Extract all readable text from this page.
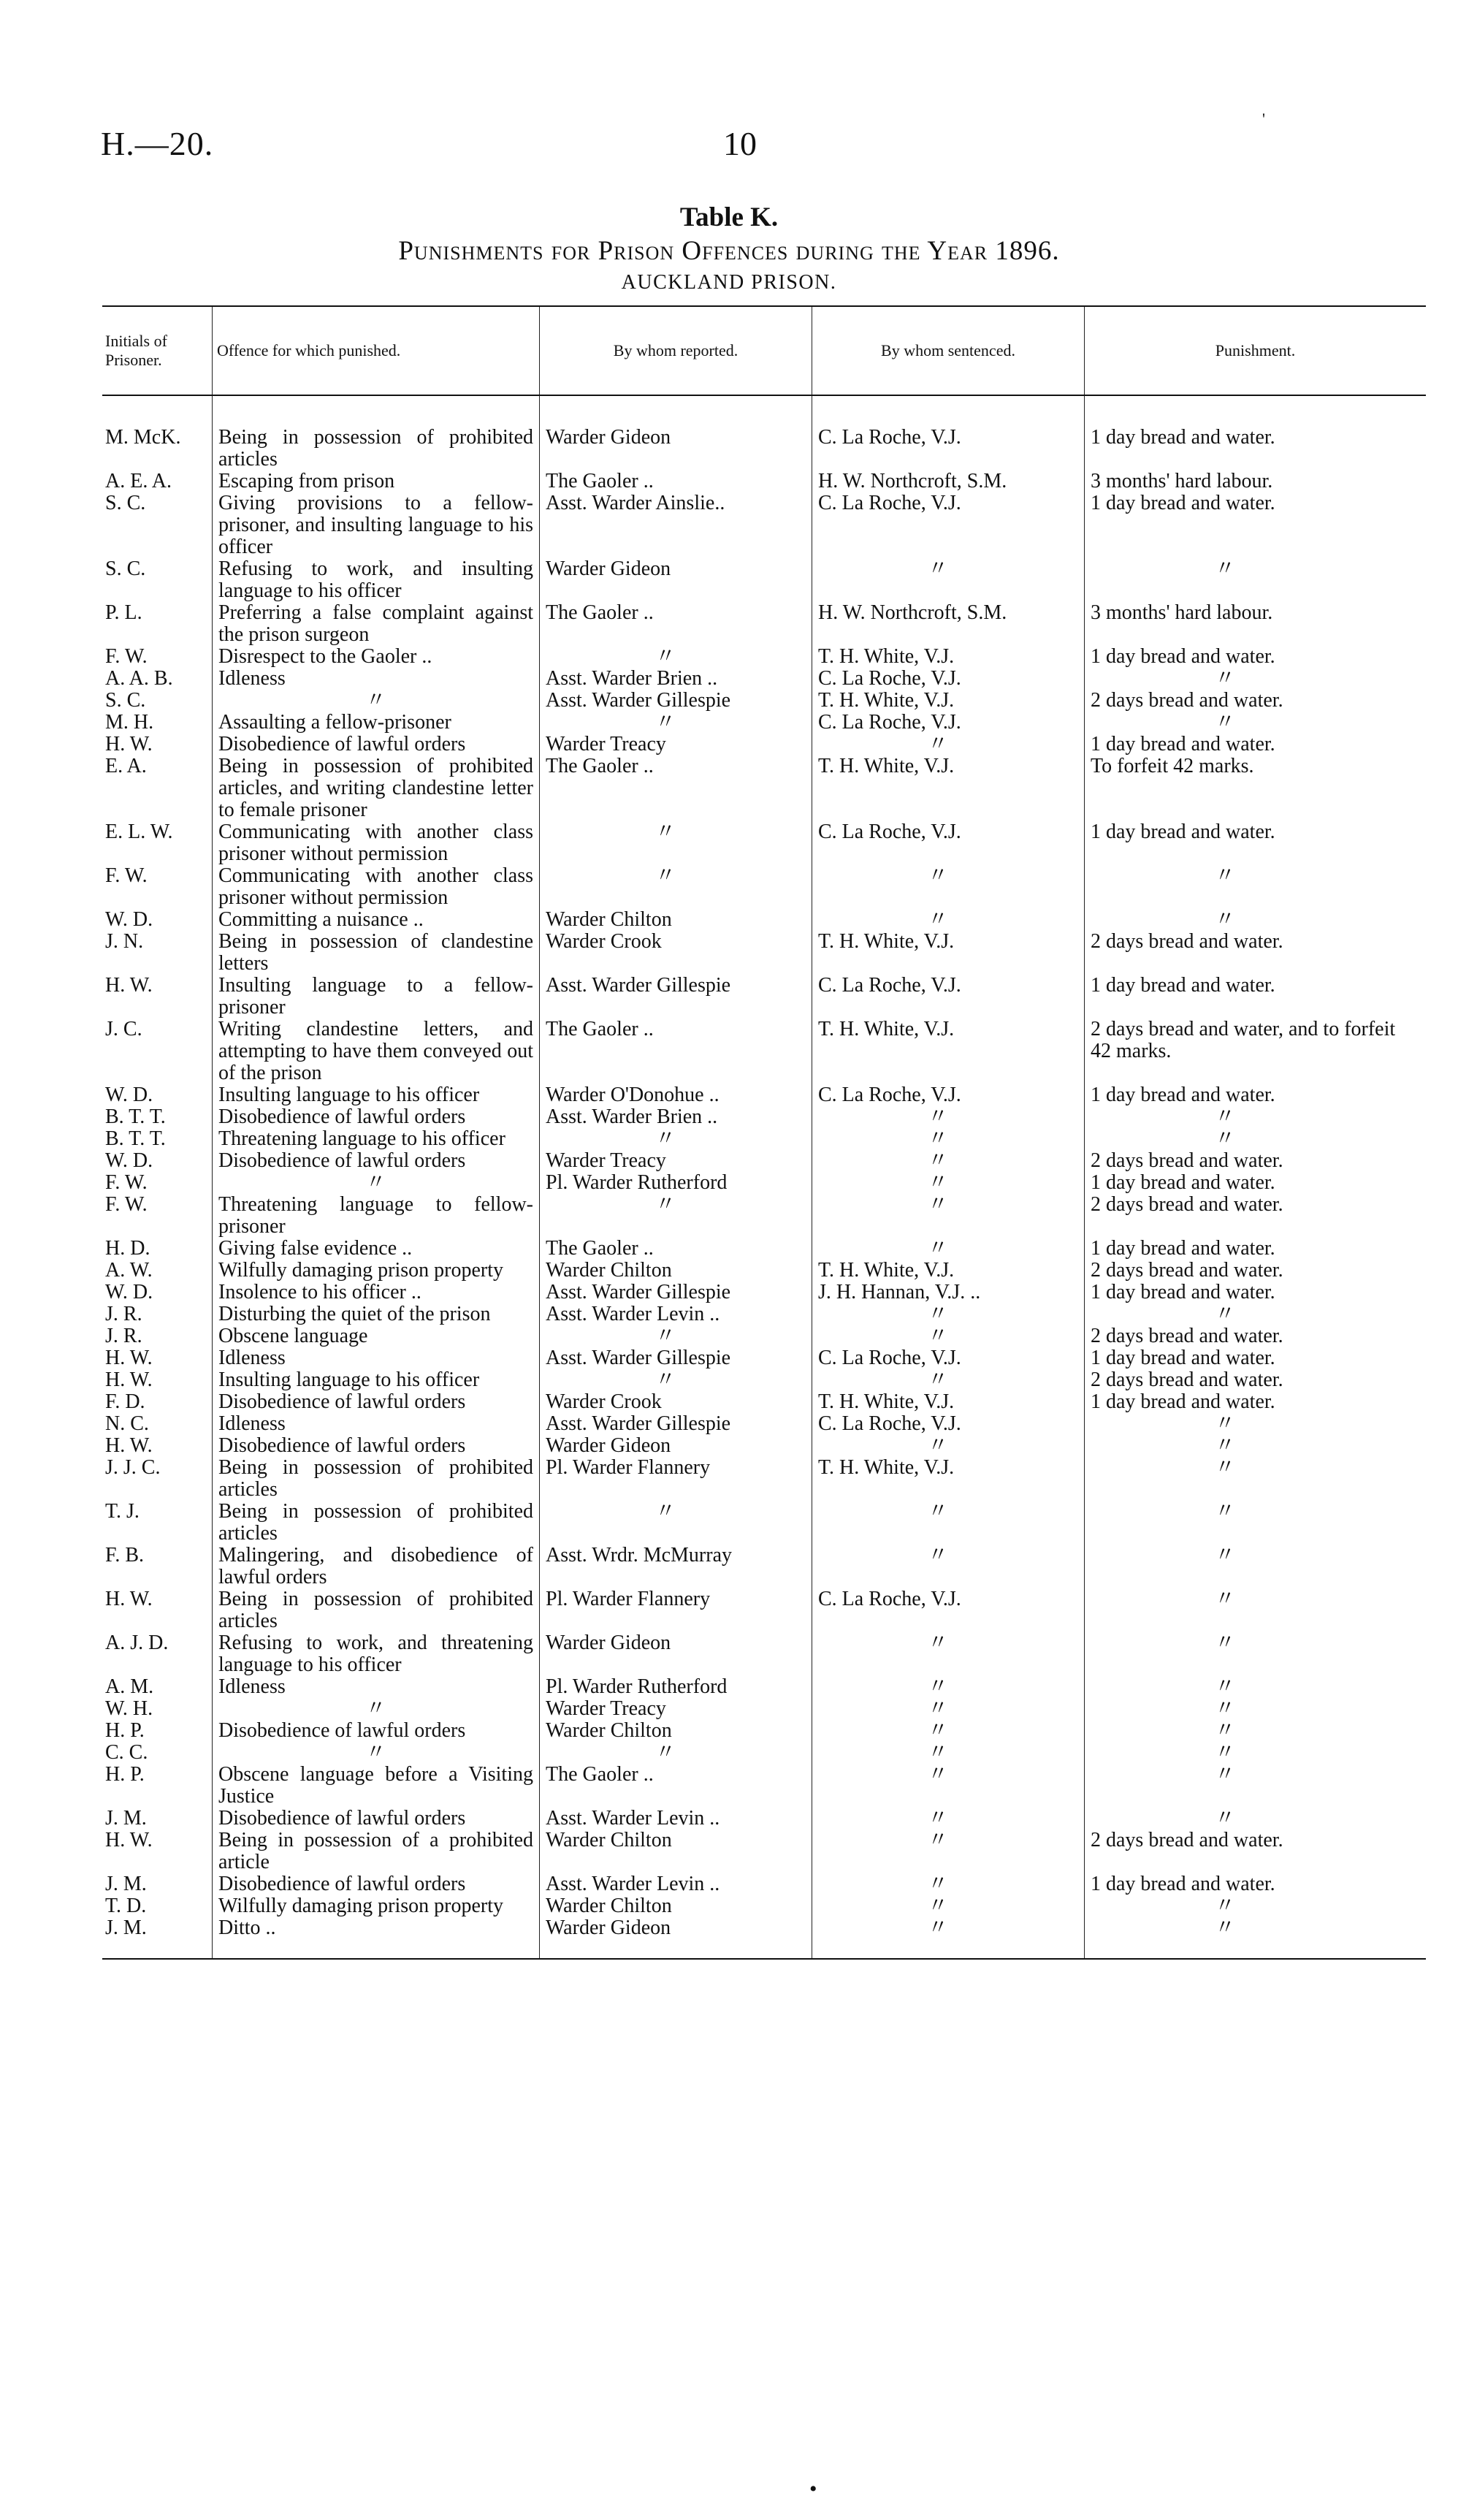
'
H.—20.	10
Table K.
Punishments for Prison Offences during the Year 1896.
AUCKLAND PRISON.
Initials of Prisoner.	Offence for which punished.	By whom reported.	By whom sentenced.	Punishment.
M. McK.	Being in possession of prohibited articles	Warder Gideon	C. La Roche, V.J.	1 day bread and water.
A. E. A.	Escaping from prison	The Gaoler ..	H. W. Northcroft, S.M.	3 months' hard labour.
S. C.	Giving provisions to a fellow-prisoner, and insulting language to his officer	Asst. Warder Ainslie..	C. La Roche, V.J.	1 day bread and water.
S. C.	Refusing to work, and insulting language to his officer	Warder Gideon	〃	〃
P. L.	Preferring a false complaint against the prison surgeon	The Gaoler ..	H. W. Northcroft, S.M.	3 months' hard labour.
F. W.	Disrespect to the Gaoler ..	〃	T. H. White, V.J.	1 day bread and water.
A. A. B.	Idleness	Asst. Warder Brien ..	C. La Roche, V.J.	〃
S. C.	〃	Asst. Warder Gillespie	T. H. White, V.J.	2 days bread and water.
M. H.	Assaulting a fellow-prisoner	〃	C. La Roche, V.J.	〃
H. W.	Disobedience of lawful orders	Warder Treacy	〃	1 day bread and water.
E. A.	Being in possession of prohibited articles, and writing clandestine letter to female prisoner	The Gaoler ..	T. H. White, V.J.	To forfeit 42 marks.
E. L. W.	Communicating with another class prisoner without permission	〃	C. La Roche, V.J.	1 day bread and water.
F. W.	Communicating with another class prisoner without permission	〃	〃	〃
W. D.	Committing a nuisance ..	Warder Chilton	〃	〃
J. N.	Being in possession of clandestine letters	Warder Crook	T. H. White, V.J.	2 days bread and water.
H. W.	Insulting language to a fellow-prisoner	Asst. Warder Gillespie	C. La Roche, V.J.	1 day bread and water.
J. C.	Writing clandestine letters, and attempting to have them conveyed out of the prison	The Gaoler ..	T. H. White, V.J.	2 days bread and water, and to forfeit 42 marks.
W. D.	Insulting language to his officer	Warder O'Donohue ..	C. La Roche, V.J.	1 day bread and water.
B. T. T.	Disobedience of lawful orders	Asst. Warder Brien ..	〃	〃
B. T. T.	Threatening language to his officer	〃	〃	〃
W. D.	Disobedience of lawful orders	Warder Treacy	〃	2 days bread and water.
F. W.	〃	Pl. Warder Rutherford	〃	1 day bread and water.
F. W.	Threatening language to fellow-prisoner	〃	〃	2 days bread and water.
H. D.	Giving false evidence ..	The Gaoler ..	〃	1 day bread and water.
A. W.	Wilfully damaging prison property	Warder Chilton	T. H. White, V.J.	2 days bread and water.
W. D.	Insolence to his officer ..	Asst. Warder Gillespie	J. H. Hannan, V.J. ..	1 day bread and water.
J. R.	Disturbing the quiet of the prison	Asst. Warder Levin ..	〃	〃
J. R.	Obscene language	〃	〃	2 days bread and water.
H. W.	Idleness	Asst. Warder Gillespie	C. La Roche, V.J.	1 day bread and water.
H. W.	Insulting language to his officer	〃	〃	2 days bread and water.
F. D.	Disobedience of lawful orders	Warder Crook	T. H. White, V.J.	1 day bread and water.
N. C.	Idleness	Asst. Warder Gillespie	C. La Roche, V.J.	〃
H. W.	Disobedience of lawful orders	Warder Gideon	〃	〃
J. J. C.	Being in possession of prohibited articles	Pl. Warder Flannery	T. H. White, V.J.	〃
T. J.	Being in possession of prohibited articles	〃	〃	〃
F. B.	Malingering, and disobedience of lawful orders	Asst. Wrdr. McMurray	〃	〃
H. W.	Being in possession of prohibited articles	Pl. Warder Flannery	C. La Roche, V.J.	〃
A. J. D.	Refusing to work, and threatening language to his officer	Warder Gideon	〃	〃
A. M.	Idleness	Pl. Warder Rutherford	〃	〃
W. H.	〃	Warder Treacy	〃	〃
H. P.	Disobedience of lawful orders	Warder Chilton	〃	〃
C. C.	〃	〃	〃	〃
H. P.	Obscene language before a Visiting Justice	The Gaoler ..	〃	〃
J. M.	Disobedience of lawful orders	Asst. Warder Levin ..	〃	〃
H. W.	Being in possession of a prohibited article	Warder Chilton	〃	2 days bread and water.
J. M.	Disobedience of lawful orders	Asst. Warder Levin ..	〃	1 day bread and water.
T. D.	Wilfully damaging prison property	Warder Chilton	〃	〃
J. M.	Ditto ..	Warder Gideon	〃	〃
•
